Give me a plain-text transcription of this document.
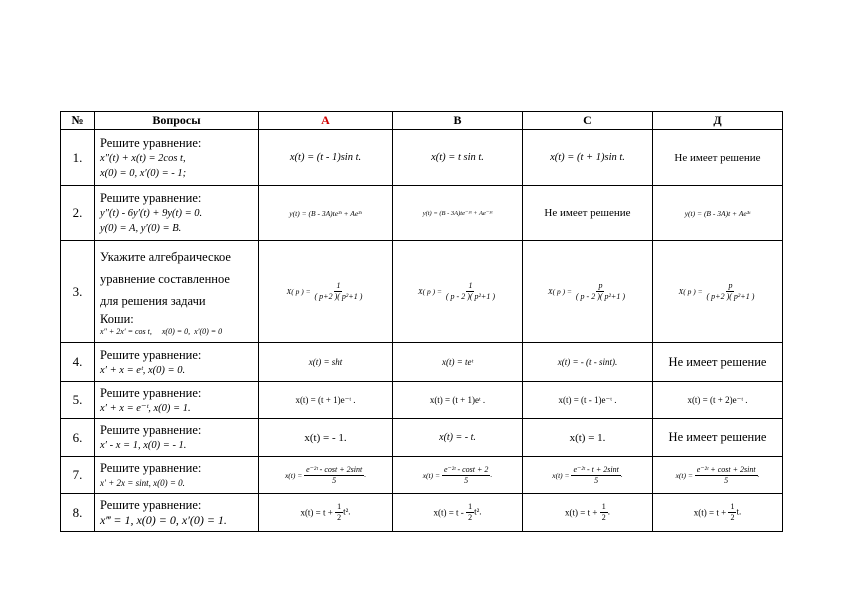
№	Вопросы	А	В	С	Д
1.	Решите уравнение:
x″(t) + x(t) = 2cos t,
x(0) = 0, x′(0) = - 1;	x(t) = (t - 1)sin t.	x(t) = t sin t.	x(t) = (t + 1)sin t.	Не имеет решение
2.	Решите уравнение:
y″(t) - 6y′(t) + 9y(t) = 0.
y(0) = A, y′(0) = B.	y(t) = (B - 3A)te³ᵗ + Ae³ᵗ	y(t) = (B - 3A)te⁻³ᵗ + Ae⁻³ᵗ	Не имеет решение	y(t) = (B - 3A)t + Ae³ᵗ
3.	Укажите алгебраическое
уравнение составленное
для решения задачи
Коши:
x″ + 2x′ = cos t,     x(0) = 0,  x′(0) = 0	X( p ) = $\frac{1}{\text{( p+2 )( p²+1 )}}$	X( p ) = $\frac{1}{\text{( p - 2 )( p²+1 )}}$	X( p ) = $\frac{p}{\text{( p - 2 )( p²+1 )}}$	X( p ) = $\frac{p}{\text{( p+2 )( p²+1 )}}$

4.	Решите уравнение:
x′ + x = eᵗ, x(0) = 0.	x(t) = sht	x(t) = teᵗ	x(t) = - (t - sint).	Не имеет решение
5.	Решите уравнение:
x′ + x = e⁻ᵗ, x(0) = 1.	x(t) = (t + 1)e⁻ᵗ .	x(t) = (t + 1)eᵗ .	x(t) = (t - 1)e⁻ᵗ .	x(t) = (t + 2)e⁻ᵗ .
6.	Решите уравнение:
x′ - x = 1, x(0) = - 1.	x(t) = - 1.	x(t) = - t.	x(t) = 1.	Не имеет решение
7.	Решите уравнение:
x′ + 2x = sint, x(0) = 0.	$x(t) = \frac{\text{e⁻²ᵗ - cost + 2sint}}{5}$ .	$x(t) = \frac{\text{e⁻²ᵗ - cost + 2}}{5}$ .	$x(t) = \frac{\text{e⁻²ᵗ - t + 2sint}}{5}$ .	$x(t) = \frac{\text{e⁻²ᵗ + cost + 2sint}}{5}$ .
8.	Решите уравнение:
x‴ = 1, x(0) = 0, x′(0) = 1.	$x(t) = t + \frac{1}{2} t^2$.	$x(t) = t - \frac{1}{2} t^2$.	$x(t) = t + \frac{1}{2}$ .	$x(t) = t + \frac{1}{2} t$.
